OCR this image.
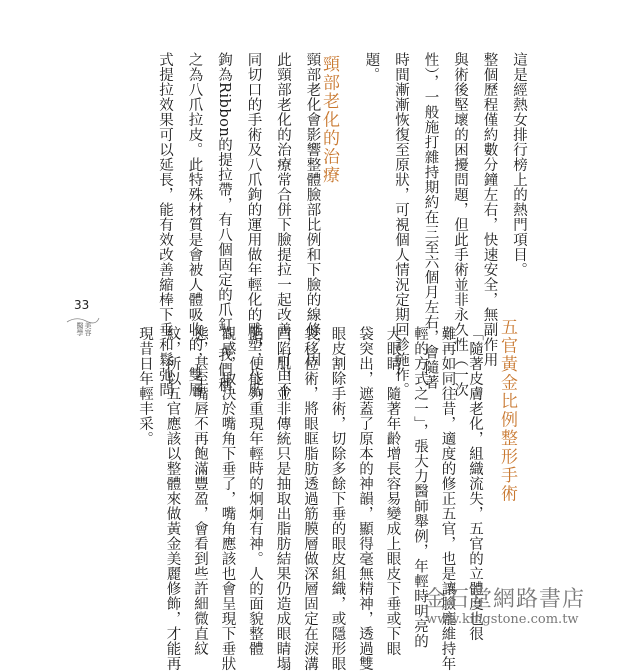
這是經熱女排行榜上的熱門項目。
整個歷程僅約數分鐘左右，快速安全，無副作用
與術後堅壞的困擾問題，但此手術並非永久性（一次
性），一般施打雜持期約在三至六個月左右，會隨著
時間漸漸恢復至原狀，可視個人情況定期回診施作。
題。
頸部老化會影響整體臉部比例和下臉的線條，因
此頸部老化的治療常合併下臉提拉一起改善，可由不
同切口的手術及八爪鉤的運用做年輕化的雕塑，八爪
鉤為Ribbon的提拉帶，有八個固定的爪釘，我們稱
之為八爪拉皮。此特殊材質是會被人體吸收的，雙層
式提拉效果可以延長，能有效改善縮棒下垂和鬆弛問	頸部老化的治療
「隨著皮膚老化，組織流失，五官的立體度也很
難再如同往昔，適度的修正五官，也是讓臉龐維持年
輕的方式之一」，張大力醫師舉例，年輕時明亮的
大眼睛，隨著年齡增長容易變成上眼皮下垂或下眼
袋突出，遮蓋了原本的神韻，顯得毫無精神，透過雙
眼皮割除手術，切除多餘下垂的眼皮組織，或隱形眼
袋移位術，將眼眶脂肪透過筋膜層做深層固定在淚溝
凹陷肌，並非傳統只是抽取出脂肪結果仍造成眼睛塌
陷，便能夠重現年輕時的炯炯有神。人的面貌整體
觀感，取決於嘴角下垂了，嘴角應該也會呈現下垂狀
態，甚至嘴唇不再飽滿豐盈，會看到些許細微直紋
紋，所以五官應該以整體來做黃金美麗修飾，才能再
現昔日年輕丰采。	五官黃金比例整形手術
33
醫學 美容
金石堂網路書店
www.kingstone.com.tw
